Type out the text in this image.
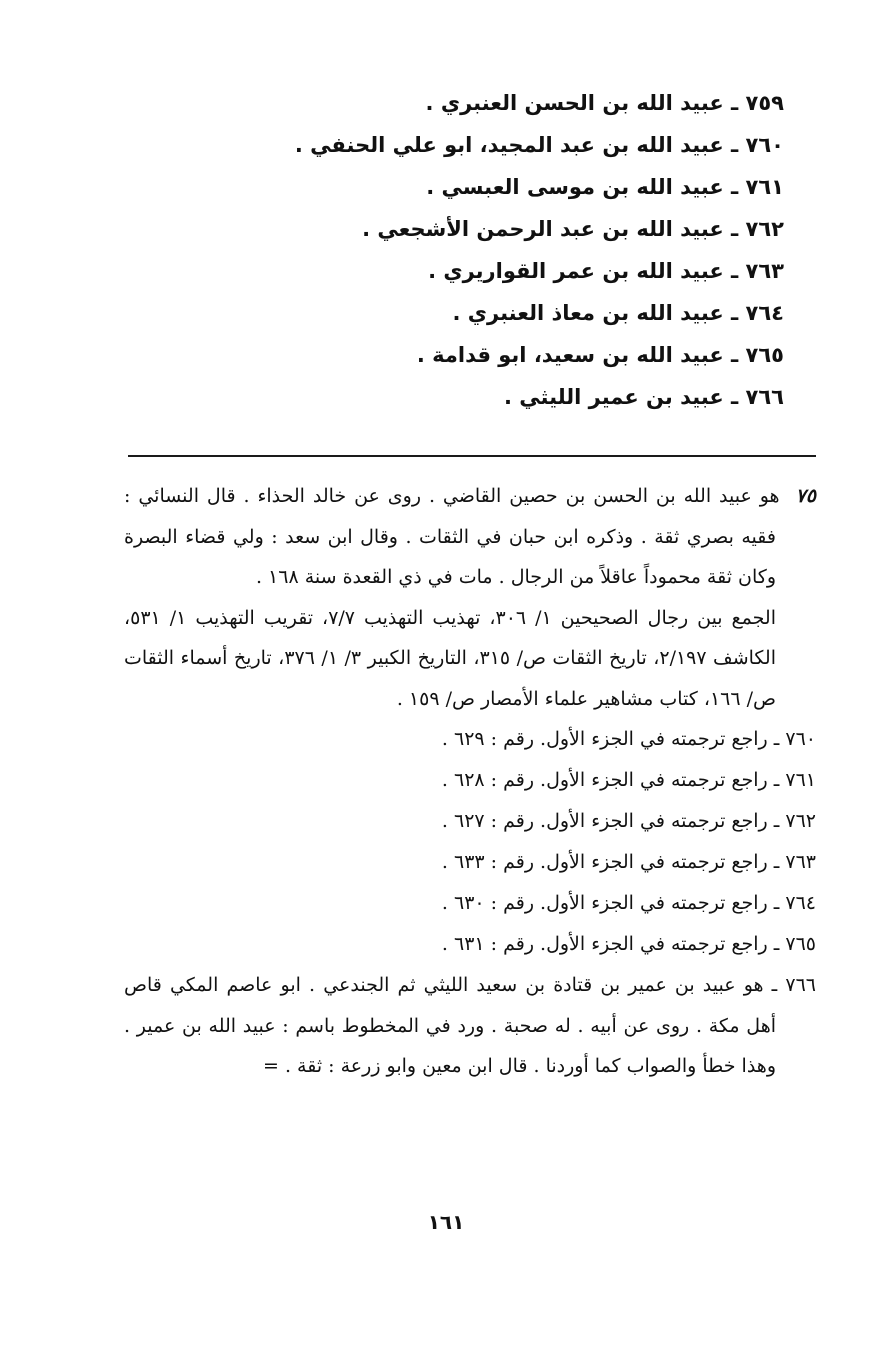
٧٥٩ ـ عبيد الله بن الحسن العنبري .
٧٦٠ ـ عبيد الله بن عبد المجيد، ابو علي الحنفي .
٧٦١ ـ عبيد الله بن موسى العبسي .
٧٦٢ ـ عبيد الله بن عبد الرحمن الأشجعي .
٧٦٣ ـ عبيد الله بن عمر القواريري .
٧٦٤ ـ عبيد الله بن معاذ العنبري .
٧٦٥ ـ عبيد الله بن سعيد، ابو قدامة .
٧٦٦ ـ عبيد بن عمير الليثي .

٧٥هو عبيد الله بن الحسن بن حصين القاضي . روى عن خالد الحذاء . قال النسائي : فقيه بصري ثقة . وذكره ابن حبان في الثقات . وقال ابن سعد : ولي قضاء البصرة وكان ثقة محموداً عاقلاً من الرجال . مات في ذي القعدة سنة ١٦٨ .

الجمع بين رجال الصحيحين ١/ ٣٠٦، تهذيب التهذيب ٧/٧، تقريب التهذيب ١/ ٥٣١، الكاشف ٢/١٩٧، تاريخ الثقات ص/ ٣١٥، التاريخ الكبير ٣/ ١/ ٣٧٦، تاريخ أسماء الثقات ص/ ١٦٦، كتاب مشاهير علماء الأمصار ص/ ١٥٩ .

٧٦٠ ـ راجع ترجمته في الجزء الأول. رقم : ٦٢٩ .
٧٦١ ـ راجع ترجمته في الجزء الأول. رقم : ٦٢٨ .
٧٦٢ ـ راجع ترجمته في الجزء الأول. رقم : ٦٢٧ .
٧٦٣ ـ راجع ترجمته في الجزء الأول. رقم : ٦٣٣ .
٧٦٤ ـ راجع ترجمته في الجزء الأول. رقم : ٦٣٠ .
٧٦٥ ـ راجع ترجمته في الجزء الأول. رقم : ٦٣١ .

٧٦٦ ـ هو عبيد بن عمير بن قتادة بن سعيد الليثي ثم الجندعي . ابو عاصم المكي قاص أهل مكة . روى عن أبيه . له صحبة . ورد في المخطوط باسم : عبيد الله بن عمير . وهذا خطأ والصواب كما أوردنا . قال ابن معين وابو زرعة : ثقة . =

١٦١
